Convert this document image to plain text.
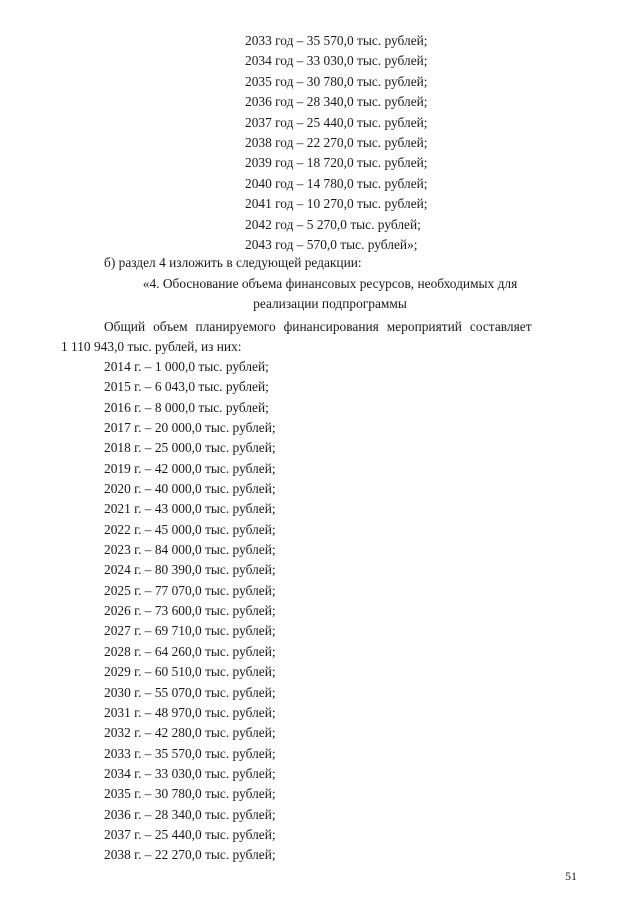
2033 год – 35 570,0 тыс. рублей;
2034 год – 33 030,0 тыс. рублей;
2035 год – 30 780,0 тыс. рублей;
2036 год – 28 340,0 тыс. рублей;
2037 год – 25 440,0 тыс. рублей;
2038 год – 22 270,0 тыс. рублей;
2039 год – 18 720,0 тыс. рублей;
2040 год – 14 780,0 тыс. рублей;
2041 год – 10 270,0 тыс. рублей;
2042 год – 5 270,0 тыс. рублей;
2043 год – 570,0 тыс. рублей»;
б) раздел 4 изложить в следующей редакции:
«4. Обоснование объема финансовых ресурсов, необходимых для
реализации подпрограммы
Общий объем планируемого финансирования мероприятий составляет
1 110 943,0 тыс. рублей, из них:
2014 г. – 1 000,0 тыс. рублей;
2015 г. – 6 043,0 тыс. рублей;
2016 г. – 8 000,0 тыс. рублей;
2017 г. – 20 000,0 тыс. рублей;
2018 г. – 25 000,0 тыс. рублей;
2019 г. – 42 000,0 тыс. рублей;
2020 г. – 40 000,0 тыс. рублей;
2021 г. – 43 000,0 тыс. рублей;
2022 г. – 45 000,0 тыс. рублей;
2023 г. – 84 000,0 тыс. рублей;
2024 г. – 80 390,0 тыс. рублей;
2025 г. – 77 070,0 тыс. рублей;
2026 г. – 73 600,0 тыс. рублей;
2027 г. – 69 710,0 тыс. рублей;
2028 г. – 64 260,0 тыс. рублей;
2029 г. – 60 510,0 тыс. рублей;
2030 г. – 55 070,0 тыс. рублей;
2031 г. – 48 970,0 тыс. рублей;
2032 г. – 42 280,0 тыс. рублей;
2033 г. – 35 570,0 тыс. рублей;
2034 г. – 33 030,0 тыс. рублей;
2035 г. – 30 780,0 тыс. рублей;
2036 г. – 28 340,0 тыс. рублей;
2037 г. – 25 440,0 тыс. рублей;
2038 г. – 22 270,0 тыс. рублей;
51
